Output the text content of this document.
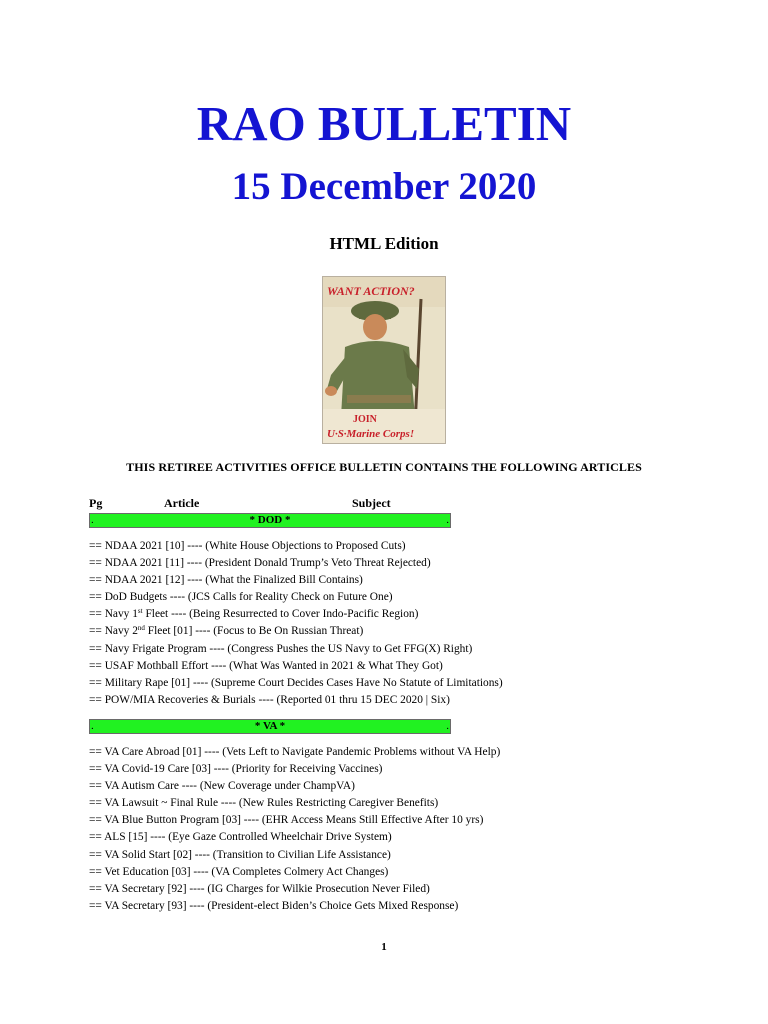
RAO BULLETIN
15 December 2020
HTML Edition
WANT ACTION?
JOIN
U·S·Marine Corps!
THIS RETIREE ACTIVITIES OFFICE BULLETIN CONTAINS THE FOLLOWING ARTICLES
Pg	Article	Subject
.	* DOD *	.
== NDAA 2021 [10] ---- (White House Objections to Proposed Cuts)
== NDAA 2021 [11] ---- (President Donald Trump’s Veto Threat Rejected)
== NDAA 2021 [12] ---- (What the Finalized Bill Contains)
== DoD Budgets ---- (JCS Calls for Reality Check on Future One)
== Navy 1st Fleet ---- (Being Resurrected to Cover Indo-Pacific Region)
== Navy 2nd Fleet [01] ---- (Focus to Be On Russian Threat)
== Navy Frigate Program ---- (Congress Pushes the US Navy to Get FFG(X) Right)
== USAF Mothball Effort ---- (What Was Wanted in 2021 & What They Got)
== Military Rape [01] ---- (Supreme Court Decides Cases Have No Statute of Limitations)
== POW/MIA Recoveries & Burials ---- (Reported 01 thru 15 DEC 2020 | Six)
.	* VA *	.
== VA Care Abroad [01] ---- (Vets Left to Navigate Pandemic Problems without VA Help)
== VA Covid-19 Care [03] ---- (Priority for Receiving Vaccines)
== VA Autism Care ---- (New Coverage under ChampVA)
== VA Lawsuit ~ Final Rule ---- (New Rules Restricting Caregiver Benefits)
== VA Blue Button Program [03] ---- (EHR Access Means Still Effective After 10 yrs)
== ALS [15] ---- (Eye Gaze Controlled Wheelchair Drive System)
== VA Solid Start [02] ---- (Transition to Civilian Life Assistance)
== Vet Education [03] ---- (VA Completes Colmery Act Changes)
== VA Secretary [92] ---- (IG Charges for Wilkie Prosecution Never Filed)
== VA Secretary [93] ---- (President-elect Biden’s Choice Gets Mixed Response)
1
